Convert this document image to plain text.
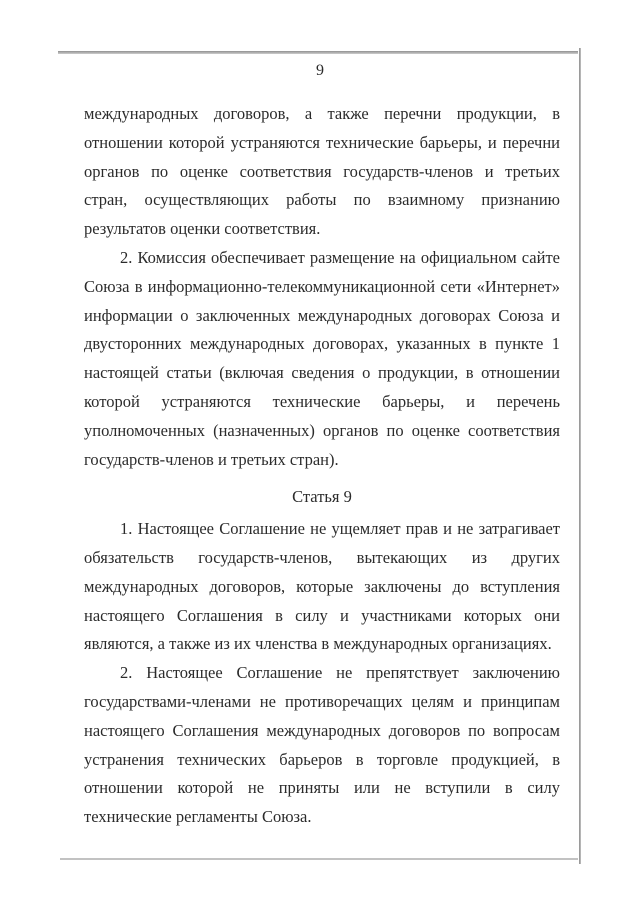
9

международных договоров, а также перечни продукции, в отношении которой устраняются технические барьеры, и перечни органов по оценке соответствия государств-членов и третьих стран, осуществляющих работы по взаимному признанию результатов оценки соответствия.

2. Комиссия обеспечивает размещение на официальном сайте Союза в информационно-телекоммуникационной сети «Интернет» информации о заключенных международных договорах Союза и двусторонних международных договорах, указанных в пункте 1 настоящей статьи (включая сведения о продукции, в отношении которой устраняются технические барьеры, и перечень уполномоченных (назначенных) органов по оценке соответствия государств-членов и третьих стран).

Статья 9

1. Настоящее Соглашение не ущемляет прав и не затрагивает обязательств государств-членов, вытекающих из других международных договоров, которые заключены до вступления настоящего Соглашения в силу и участниками которых они являются, а также из их членства в международных организациях.

2. Настоящее Соглашение не препятствует заключению государствами-членами не противоречащих целям и принципам настоящего Соглашения международных договоров по вопросам устранения технических барьеров в торговле продукцией, в отношении которой не приняты или не вступили в силу технические регламенты Союза.
